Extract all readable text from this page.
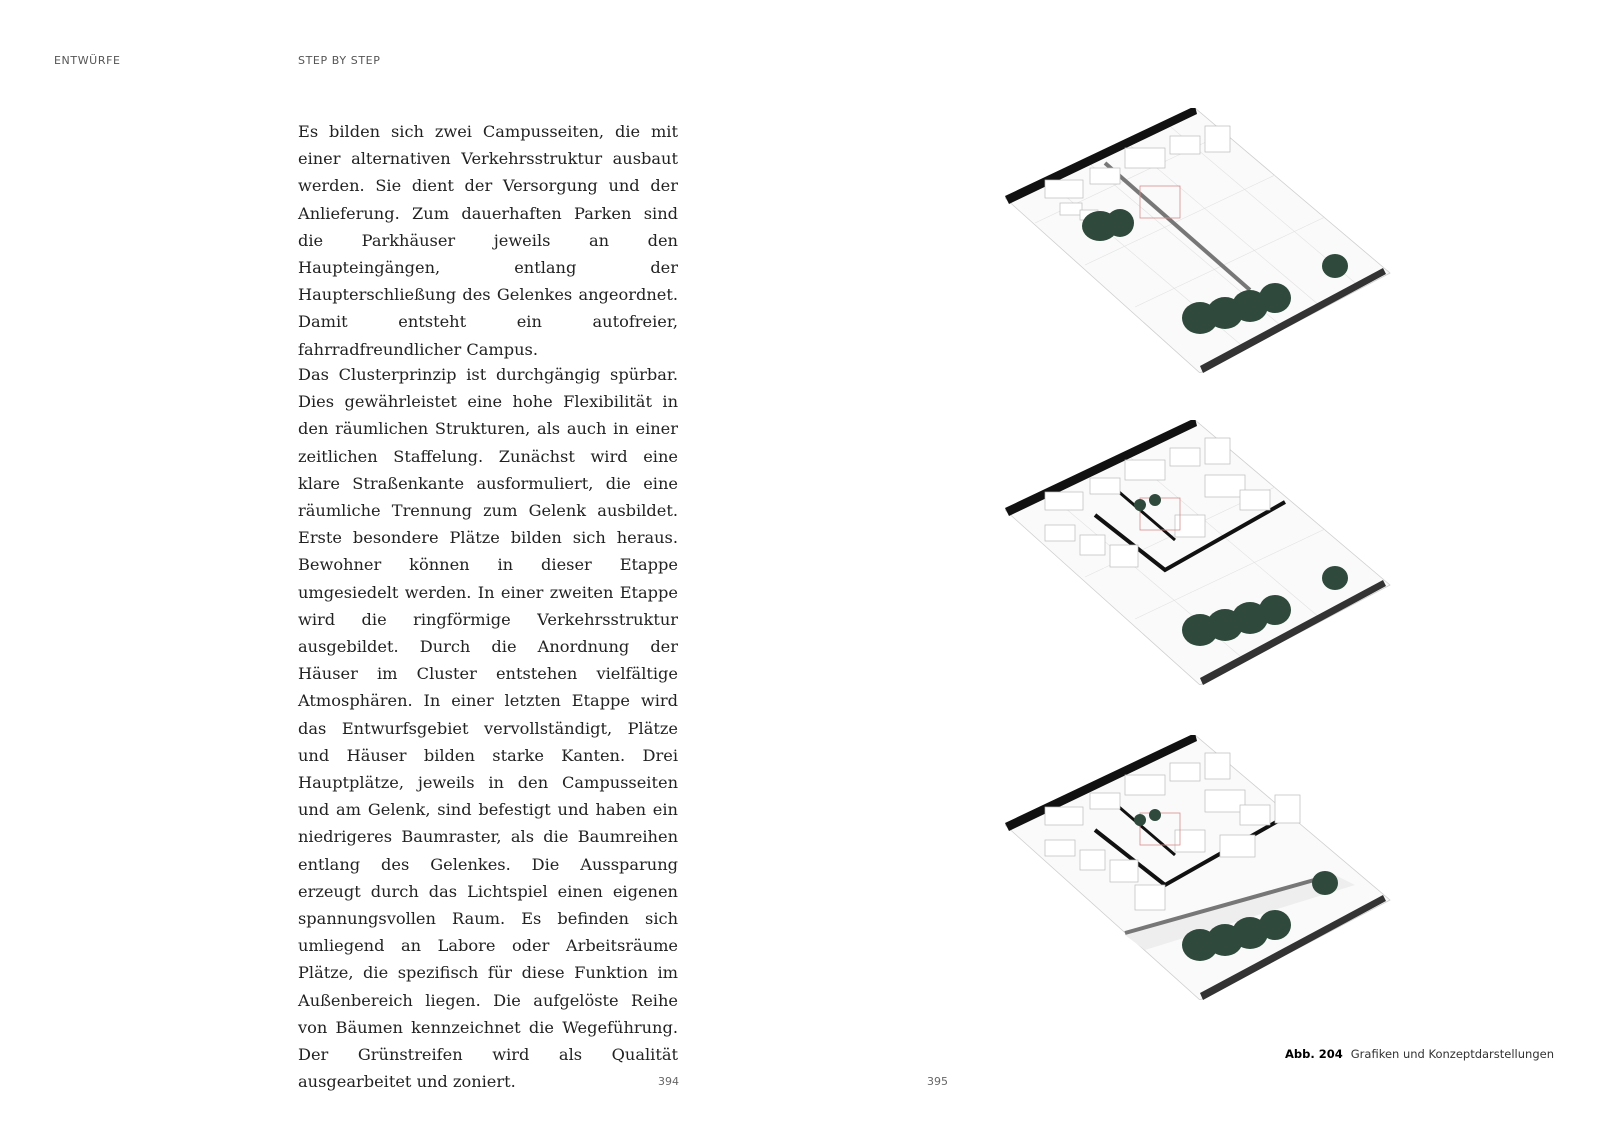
ENTWÜRFE	STEP BY STEP

Es bilden sich zwei Campusseiten, die mit einer alternativen Verkehrsstruktur ausbaut werden. Sie dient der Versorgung und der Anlieferung. Zum dauerhaften Parken sind die Parkhäuser jeweils an den Haupteingängen, entlang der Haupterschließung des Gelenkes angeordnet. Damit entsteht ein autofreier, fahrradfreundlicher Campus.

Das Clusterprinzip ist durchgängig spürbar. Dies gewährleistet eine hohe Flexibilität in den räumlichen Strukturen, als auch in einer zeitlichen Staffelung. Zunächst wird eine klare Straßenkante ausformuliert, die eine räumliche Trennung zum Gelenk ausbildet. Erste besondere Plätze bilden sich heraus. Bewohner können in dieser Etappe umgesiedelt werden. In einer zweiten Etappe wird die ringförmige Verkehrsstruktur ausgebildet. Durch die Anordnung der Häuser im Cluster entstehen vielfältige Atmosphären. In einer letzten Etappe wird das Entwurfsgebiet vervollständigt, Plätze und Häuser bilden starke Kanten. Drei Hauptplätze, jeweils in den Campusseiten und am Gelenk, sind befestigt und haben ein niedrigeres Baumraster, als die Baumreihen entlang des Gelenkes. Die Aussparung erzeugt durch das Lichtspiel einen eigenen spannungsvollen Raum. Es befinden sich umliegend an Labore oder Arbeitsräume Plätze, die spezifisch für diese Funktion im Außenbereich liegen. Die aufgelöste Reihe von Bäumen kennzeichnet die Wegeführung. Der Grünstreifen wird als Qualität ausgearbeitet und zoniert.

Abb. 204 Grafiken und Konzeptdarstellungen
394	395
